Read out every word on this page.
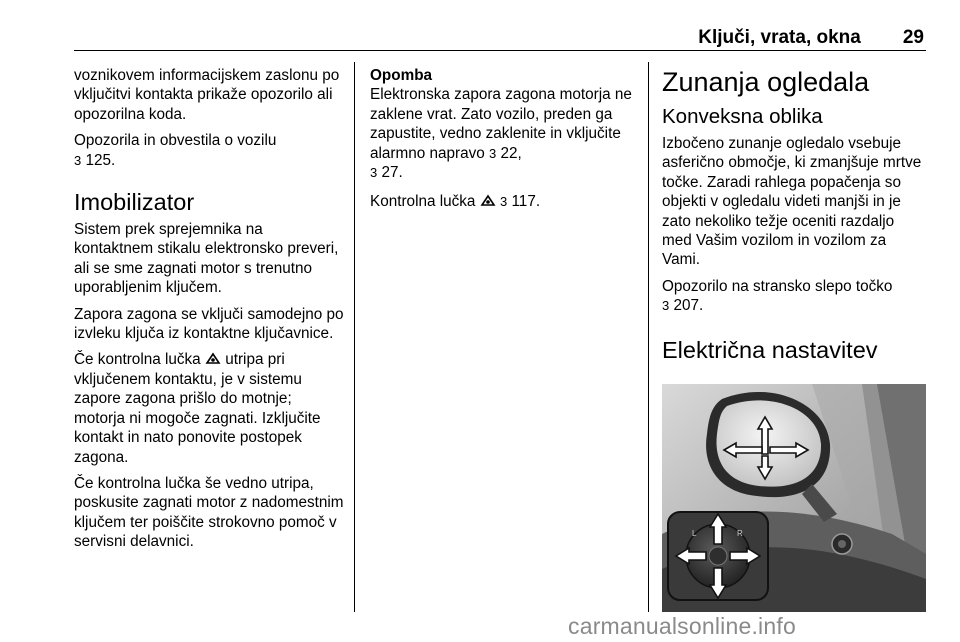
Ključi, vrata, okna 29

voznikovem informacijskem zaslonu po vključitvi kontakta prikaže opozorilo ali opozorilna koda.

Opozorila in obvestila o vozilu
3 125.

Imobilizator

Sistem prek sprejemnika na kontaktnem stikalu elektronsko preveri, ali se sme zagnati motor s trenutno uporabljenim ključem.

Zapora zagona se vključi samodejno po izvleku ključa iz kontaktne ključavnice.

Če kontrolna lučka utripa pri vključenem kontaktu, je v sistemu zapore zagona prišlo do motnje; motorja ni mogoče zagnati. Izključite kontakt in nato ponovite postopek zagona.

Če kontrolna lučka še vedno utripa, poskusite zagnati motor z nadomestnim ključem ter poiščite strokovno pomoč v servisni delavnici.

Opomba
Elektronska zapora zagona motorja ne zaklene vrat. Zato vozilo, preden ga zapustite, vedno zaklenite in vključite alarmno napravo 3 22,
3 27.

Kontrolna lučka 3 117.

Zunanja ogledala
Konveksna oblika

Izbočeno zunanje ogledalo vsebuje asferično območje, ki zmanjšuje mrtve točke. Zaradi rahlega popačenja so objekti v ogledalu videti manjši in je zato nekoliko težje oceniti razdaljo med Vašim vozilom in vozilom za Vami.

Opozorilo na stransko slepo točko
3 207.

Električna nastavitev
L	R
carmanualsonline.info
